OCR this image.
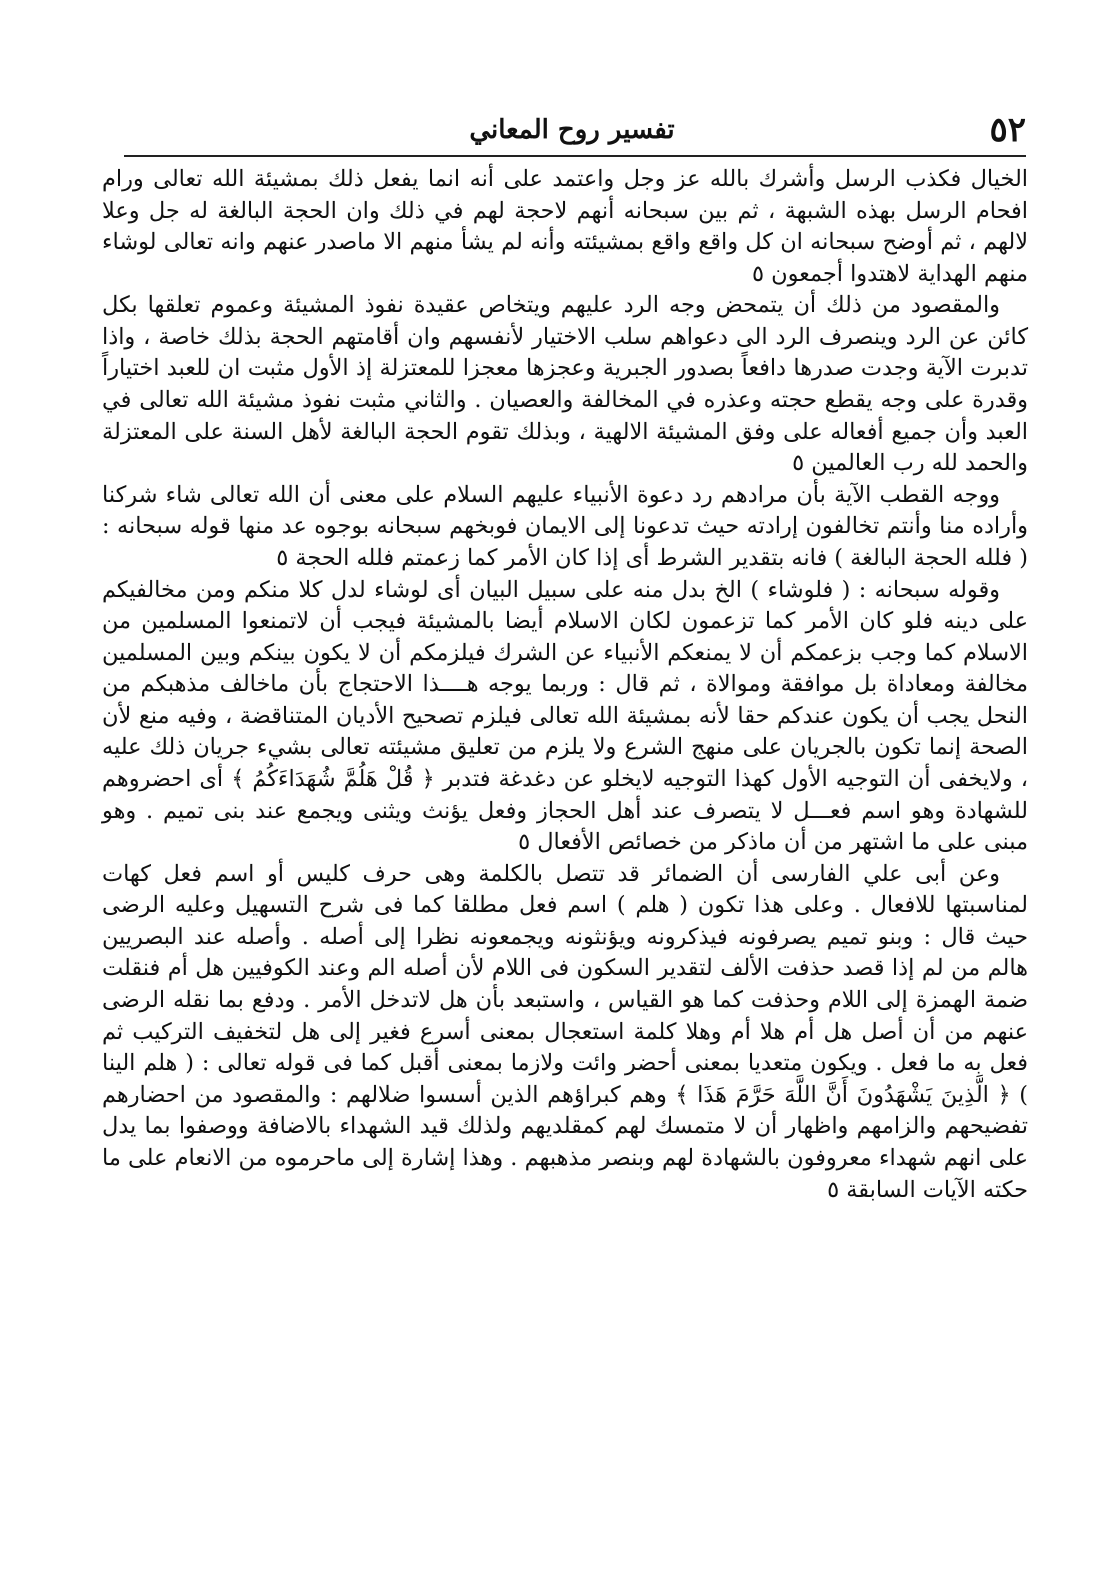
٥٢
تفسير روح المعاني

الخيال فكذب الرسل وأشرك بالله عز وجل واعتمد على أنه انما يفعل ذلك بمشيئة الله تعالى ورام افحام الرسل بهذه الشبهة ، ثم بين سبحانه أنهم لاحجة لهم في ذلك وان الحجة البالغة له جل وعلا لالهم ، ثم أوضح سبحانه ان كل واقع واقع بمشيئته وأنه لم يشأ منهم الا ماصدر عنهم وانه تعالى لوشاء منهم الهداية لاهتدوا أجمعون ٥

والمقصود من ذلك أن يتمحض وجه الرد عليهم ويتخاص عقيدة نفوذ المشيئة وعموم تعلقها بكل كائن عن الرد وينصرف الرد الى دعواهم سلب الاختيار لأنفسهم وان أقامتهم الحجة بذلك خاصة ، واذا تدبرت الآية وجدت صدرها دافعاً بصدور الجبرية وعجزها معجزا للمعتزلة إذ الأول مثبت ان للعبد اختياراً وقدرة على وجه يقطع حجته وعذره في المخالفة والعصيان . والثاني مثبت نفوذ مشيئة الله تعالى في العبد وأن جميع أفعاله على وفق المشيئة الالهية ، وبذلك تقوم الحجة البالغة لأهل السنة على المعتزلة والحمد لله رب العالمين ٥

ووجه القطب الآية بأن مرادهم رد دعوة الأنبياء عليهم السلام على معنى أن الله تعالى شاء شركنا وأراده منا وأنتم تخالفون إرادته حيث تدعونا إلى الايمان فوبخهم سبحانه بوجوه عد منها قوله سبحانه : ( فلله الحجة البالغة ) فانه بتقدير الشرط أى إذا كان الأمر كما زعمتم فلله الحجة ٥

وقوله سبحانه : ( فلوشاء ) الخ بدل منه على سبيل البيان أى لوشاء لدل كلا منكم ومن مخالفيكم على دينه فلو كان الأمر كما تزعمون لكان الاسلام أيضا بالمشيئة فيجب أن لاتمنعوا المسلمين من الاسلام كما وجب بزعمكم أن لا يمنعكم الأنبياء عن الشرك فيلزمكم أن لا يكون بينكم وبين المسلمين مخالفة ومعاداة بل موافقة وموالاة ، ثم قال : وربما يوجه هــــذا الاحتجاج بأن ماخالف مذهبكم من النحل يجب أن يكون عندكم حقا لأنه بمشيئة الله تعالى فيلزم تصحيح الأديان المتناقضة ، وفيه منع لأن الصحة إنما تكون بالجريان على منهج الشرع ولا يلزم من تعليق مشيئته تعالى بشيء جريان ذلك عليه ، ولايخفى أن التوجيه الأول كهذا التوجيه لايخلو عن دغدغة فتدبر ﴿ قُلْ هَلُمَّ شُهَدَاءَكُمُ ﴾ أى احضروهم للشهادة وهو اسم فعـــل لا يتصرف عند أهل الحجاز وفعل يؤنث ويثنى ويجمع عند بنى تميم . وهو مبنى على ما اشتهر من أن ماذكر من خصائص الأفعال ٥

وعن أبى علي الفارسى أن الضمائر قد تتصل بالكلمة وهى حرف كليس أو اسم فعل كهات لمناسبتها للافعال . وعلى هذا تكون ( هلم ) اسم فعل مطلقا كما فى شرح التسهيل وعليه الرضى حيث قال : وبنو تميم يصرفونه فيذكرونه ويؤنثونه ويجمعونه نظرا إلى أصله . وأصله عند البصريين هالم من لم إذا قصد حذفت الألف لتقدير السكون فى اللام لأن أصله الم وعند الكوفيين هل أم فنقلت ضمة الهمزة إلى اللام وحذفت كما هو القياس ، واستبعد بأن هل لاتدخل الأمر . ودفع بما نقله الرضى عنهم من أن أصل هل أم هلا أم وهلا كلمة استعجال بمعنى أسرع فغير إلى هل لتخفيف التركيب ثم فعل به ما فعل . ويكون متعديا بمعنى أحضر وائت ولازما بمعنى أقبل كما فى قوله تعالى : ( هلم الينا ) ﴿ الَّذِينَ يَشْهَدُونَ أَنَّ اللَّهَ حَرَّمَ هَذَا ﴾ وهم كبراؤهم الذين أسسوا ضلالهم : والمقصود من احضارهم تفضيحهم والزامهم واظهار أن لا متمسك لهم كمقلديهم ولذلك قيد الشهداء بالاضافة ووصفوا بما يدل على انهم شهداء معروفون بالشهادة لهم وبنصر مذهبهم . وهذا إشارة إلى ماحرموه من الانعام على ما حكته الآيات السابقة ٥
